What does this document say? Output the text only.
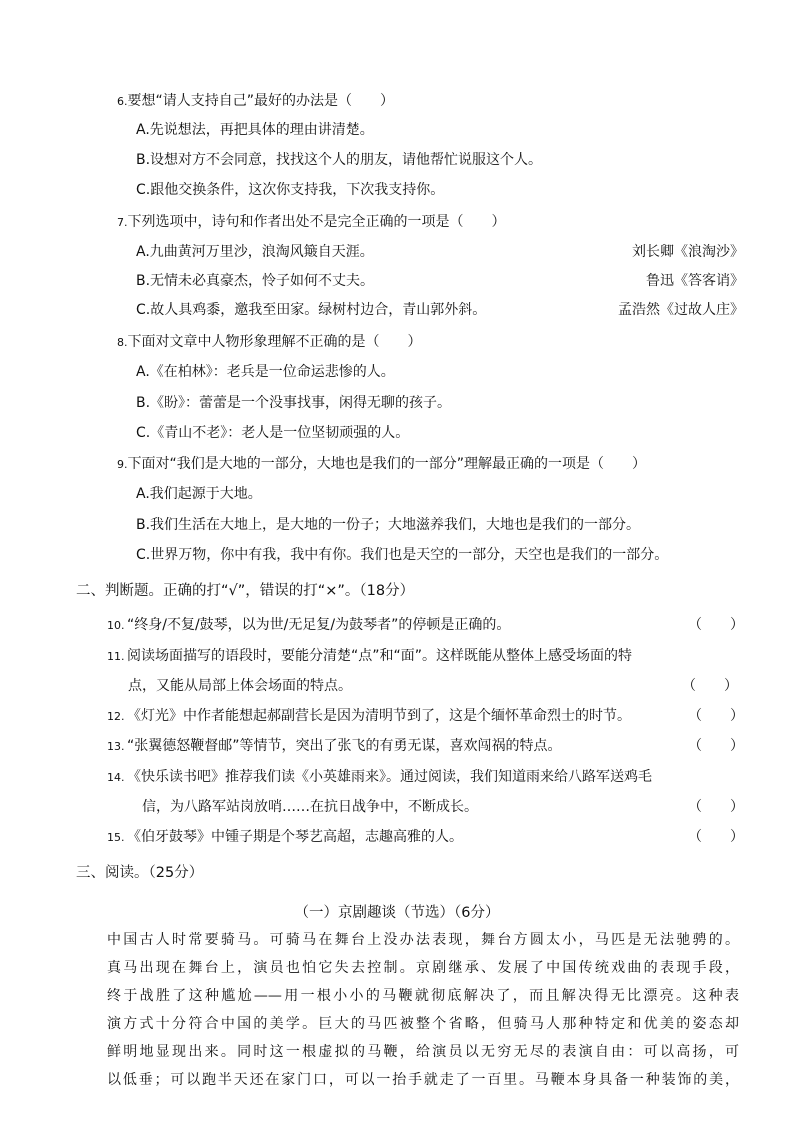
6.要想“请人支持自己”最好的办法是（　　）
A.先说想法，再把具体的理由讲清楚。
B.设想对方不会同意，找找这个人的朋友，请他帮忙说服这个人。
C.跟他交换条件，这次你支持我，下次我支持你。
7.下列选项中，诗句和作者出处不是完全正确的一项是（　　）
A.九曲黄河万里沙，浪淘风簸自天涯。	刘长卿《浪淘沙》
B.无情未必真豪杰，怜子如何不丈夫。	鲁迅《答客诮》
C.故人具鸡黍，邀我至田家。绿树村边合，青山郭外斜。	孟浩然《过故人庄》
8.下面对文章中人物形象理解不正确的是（　　）
A.《在柏林》：老兵是一位命运悲惨的人。
B.《盼》：蕾蕾是一个没事找事，闲得无聊的孩子。
C.《青山不老》：老人是一位坚韧顽强的人。
9.下面对“我们是大地的一部分，大地也是我们的一部分”理解最正确的一项是（　　）
A.我们起源于大地。
B.我们生活在大地上，是大地的一份子；大地滋养我们，大地也是我们的一部分。
C.世界万物，你中有我，我中有你。我们也是天空的一部分，天空也是我们的一部分。
二、判断题。正确的打“√”，错误的打“×”。（18分）
10. “终身/不复/鼓琴，以为世/无足复/为鼓琴者”的停顿是正确的。	（　　）
11. 阅读场面描写的语段时，要能分清楚“点”和“面”。这样既能从整体上感受场面的特
点，又能从局部上体会场面的特点。	（　　）
12. 《灯光》中作者能想起郝副营长是因为清明节到了，这是个缅怀革命烈士的时节。	（　　）
13. “张翼德怒鞭督邮”等情节，突出了张飞的有勇无谋，喜欢闯祸的特点。	（　　）
14. 《快乐读书吧》推荐我们读《小英雄雨来》。通过阅读，我们知道雨来给八路军送鸡毛
信，为八路军站岗放哨……在抗日战争中，不断成长。	（　　）
15. 《伯牙鼓琴》中锺子期是个琴艺高超，志趣高雅的人。	（　　）
三、阅读。（25分）
（一）京剧趣谈（节选）（6分）
中国古人时常要骑马。可骑马在舞台上没办法表现，舞台方圆太小，马匹是无法驰骋的。
真马出现在舞台上，演员也怕它失去控制。京剧继承、发展了中国传统戏曲的表现手段，
终于战胜了这种尴尬——用一根小小的马鞭就彻底解决了，而且解决得无比漂亮。这种表
演方式十分符合中国的美学。巨大的马匹被整个省略，但骑马人那种特定和优美的姿态却
鲜明地显现出来。同时这一根虚拟的马鞭，给演员以无穷无尽的表演自由：可以高扬，可
以低垂；可以跑半天还在家门口，可以一抬手就走了一百里。马鞭本身具备一种装饰的美，
